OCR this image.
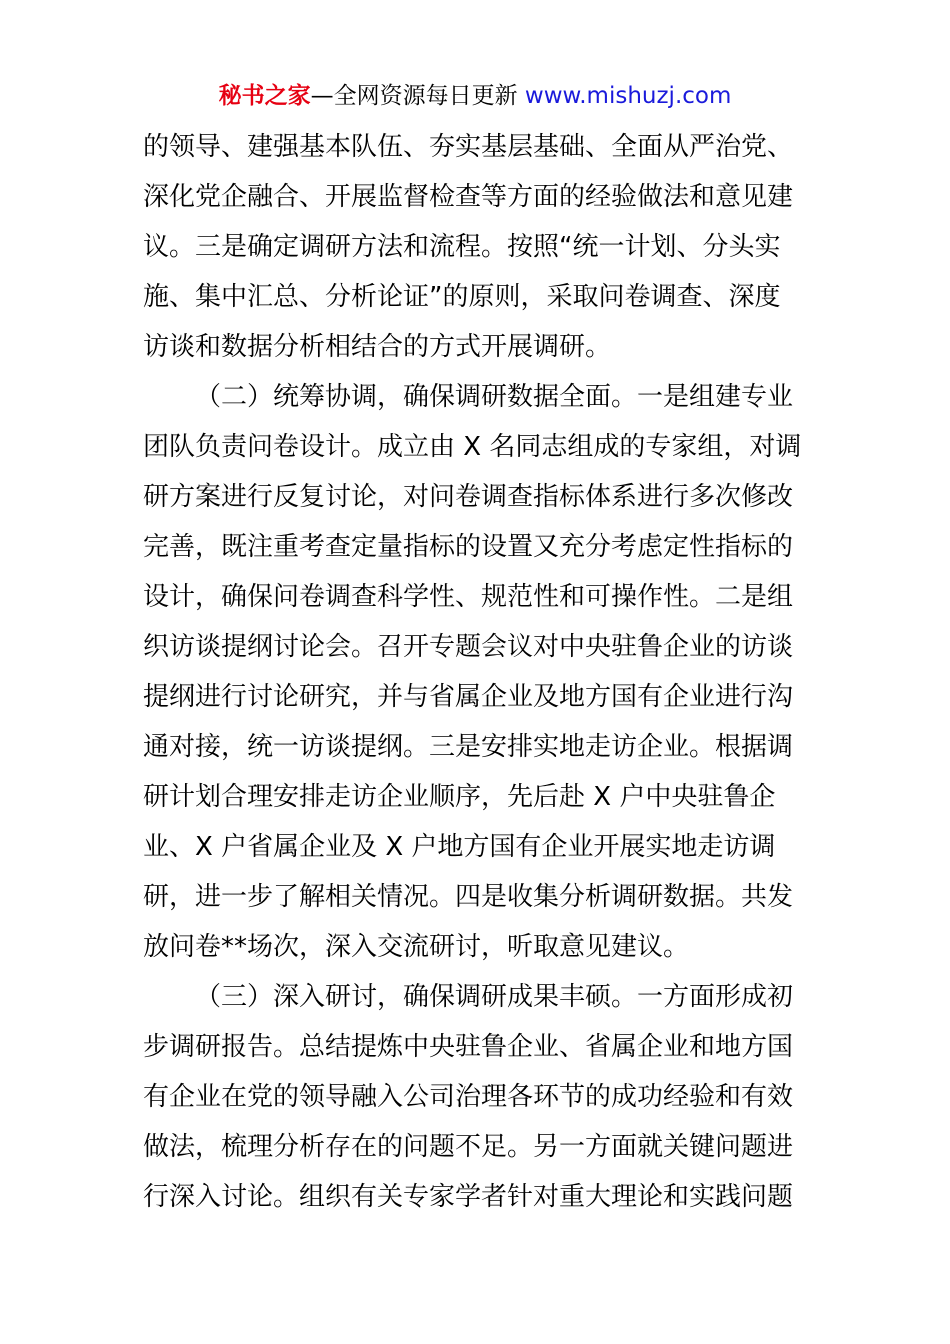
秘书之家—全网资源每日更新 www.mishuzj.com
的领导、建强基本队伍、夯实基层基础、全面从严治党、
深化党企融合、开展监督检查等方面的经验做法和意见建
议。三是确定调研方法和流程。按照“统一计划、分头实
施、集中汇总、分析论证”的原则，采取问卷调查、深度
访谈和数据分析相结合的方式开展调研。
（二）统筹协调，确保调研数据全面。一是组建专业
团队负责问卷设计。成立由 X 名同志组成的专家组，对调
研方案进行反复讨论，对问卷调查指标体系进行多次修改
完善，既注重考查定量指标的设置又充分考虑定性指标的
设计，确保问卷调查科学性、规范性和可操作性。二是组
织访谈提纲讨论会。召开专题会议对中央驻鲁企业的访谈
提纲进行讨论研究，并与省属企业及地方国有企业进行沟
通对接，统一访谈提纲。三是安排实地走访企业。根据调
研计划合理安排走访企业顺序，先后赴 X 户中央驻鲁企
业、X 户省属企业及 X 户地方国有企业开展实地走访调
研，进一步了解相关情况。四是收集分析调研数据。共发
放问卷**场次，深入交流研讨，听取意见建议。
（三）深入研讨，确保调研成果丰硕。一方面形成初
步调研报告。总结提炼中央驻鲁企业、省属企业和地方国
有企业在党的领导融入公司治理各环节的成功经验和有效
做法，梳理分析存在的问题不足。另一方面就关键问题进
行深入讨论。组织有关专家学者针对重大理论和实践问题
